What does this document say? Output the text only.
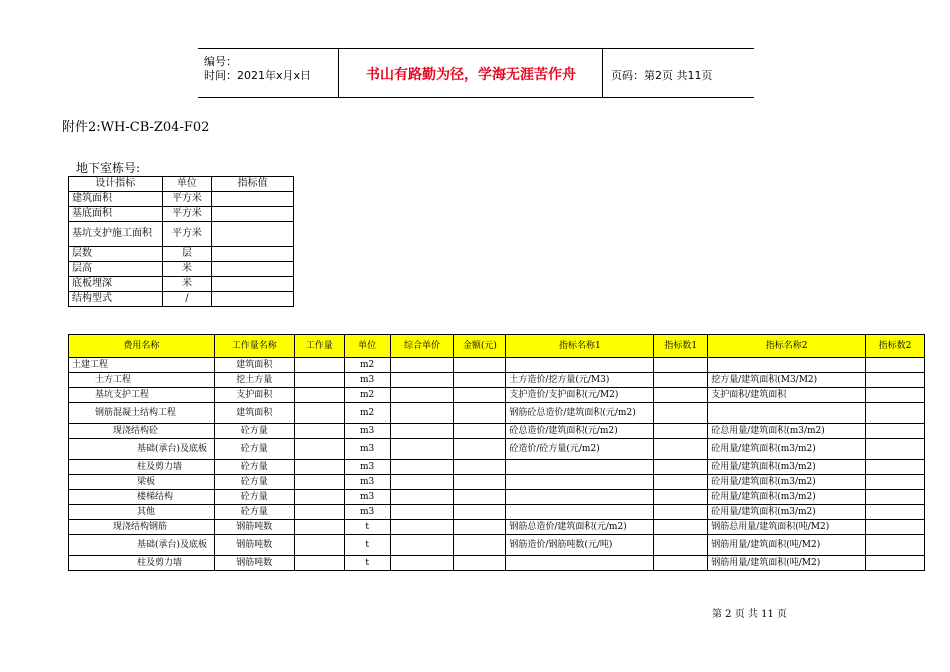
编号：
时间：2021年x月x日	书山有路勤为径，学海无涯苦作舟	页码：第2页 共11页
附件2:WH-CB-Z04-F02
地下室栋号:
设计指标	单位	指标值
建筑面积	平方米	
基底面积	平方米	
基坑支护施工面积	平方米	
层数	层	
层高	米	
底板埋深	米	
结构型式	/	
费用名称	工作量名称	工作量	单位	综合单价	金额(元)	指标名称1	指标数1	指标名称2	指标数2
土建工程	建筑面积		m2						
土方工程	挖土方量		m3			土方造价/挖方量(元/M3)		挖方量/建筑面积(M3/M2)	
基坑支护工程	支护面积		m2			支护造价/支护面积(元/M2)		支护面积/建筑面积	
钢筋混凝土结构工程	建筑面积		m2			钢筋砼总造价/建筑面积(元/m2)			
现浇结构砼	砼方量		m3			砼总造价/建筑面积(元/m2)		砼总用量/建筑面积(m3/m2)	
基础(承台)及底板	砼方量		m3			砼造价/砼方量(元/m2)		砼用量/建筑面积(m3/m2)	
柱及剪力墙	砼方量		m3					砼用量/建筑面积(m3/m2)	
梁板	砼方量		m3					砼用量/建筑面积(m3/m2)	
楼梯结构	砼方量		m3					砼用量/建筑面积(m3/m2)	
其他	砼方量		m3					砼用量/建筑面积(m3/m2)	
现浇结构钢筋	钢筋吨数		t			钢筋总造价/建筑面积(元/m2)		钢筋总用量/建筑面积(吨/M2)	
基础(承台)及底板	钢筋吨数		t			钢筋造价/钢筋吨数(元/吨)		钢筋用量/建筑面积(吨/M2)	
柱及剪力墙	钢筋吨数		t					钢筋用量/建筑面积(吨/M2)	
第 2 页 共 11 页
